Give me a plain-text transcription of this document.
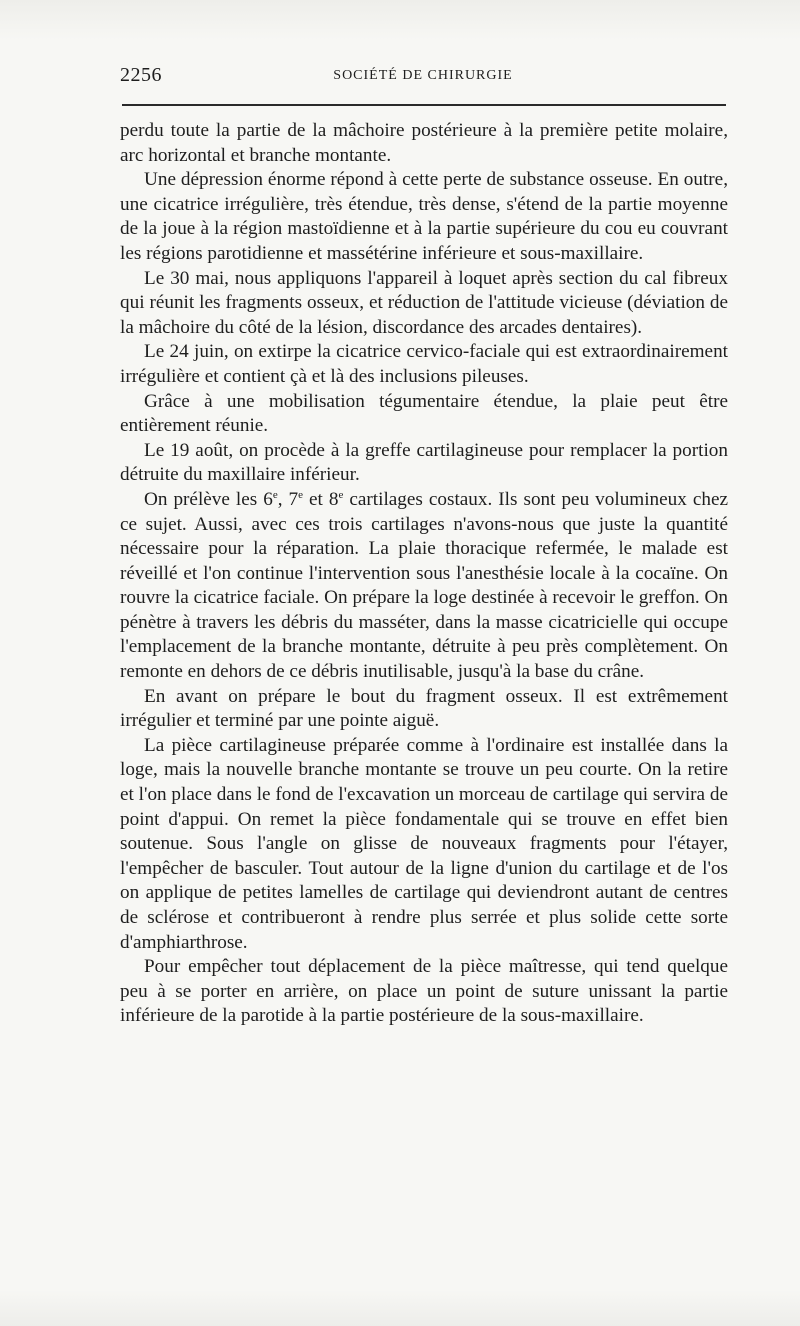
2256	SOCIÉTÉ DE CHIRURGIE

perdu toute la partie de la mâchoire postérieure à la première petite molaire, arc horizontal et branche montante.

Une dépression énorme répond à cette perte de substance osseuse. En outre, une cicatrice irrégulière, très étendue, très dense, s'étend de la partie moyenne de la joue à la région mastoïdienne et à la partie supérieure du cou eu couvrant les régions parotidienne et massétérine inférieure et sous-maxillaire.

Le 30 mai, nous appliquons l'appareil à loquet après section du cal fibreux qui réunit les fragments osseux, et réduction de l'attitude vicieuse (déviation de la mâchoire du côté de la lésion, discordance des arcades dentaires).

Le 24 juin, on extirpe la cicatrice cervico-faciale qui est extraordinairement irrégulière et contient çà et là des inclusions pileuses.

Grâce à une mobilisation tégumentaire étendue, la plaie peut être entièrement réunie.

Le 19 août, on procède à la greffe cartilagineuse pour remplacer la portion détruite du maxillaire inférieur.

On prélève les 6e, 7e et 8e cartilages costaux. Ils sont peu volumineux chez ce sujet. Aussi, avec ces trois cartilages n'avons-nous que juste la quantité nécessaire pour la réparation. La plaie thoracique refermée, le malade est réveillé et l'on continue l'intervention sous l'anesthésie locale à la cocaïne. On rouvre la cicatrice faciale. On prépare la loge destinée à recevoir le greffon. On pénètre à travers les débris du masséter, dans la masse cicatricielle qui occupe l'emplacement de la branche montante, détruite à peu près complètement. On remonte en dehors de ce débris inutilisable, jusqu'à la base du crâne.

En avant on prépare le bout du fragment osseux. Il est extrêmement irrégulier et terminé par une pointe aiguë.

La pièce cartilagineuse préparée comme à l'ordinaire est installée dans la loge, mais la nouvelle branche montante se trouve un peu courte. On la retire et l'on place dans le fond de l'excavation un morceau de cartilage qui servira de point d'appui. On remet la pièce fondamentale qui se trouve en effet bien soutenue. Sous l'angle on glisse de nouveaux fragments pour l'étayer, l'empêcher de basculer. Tout autour de la ligne d'union du cartilage et de l'os on applique de petites lamelles de cartilage qui deviendront autant de centres de sclérose et contribueront à rendre plus serrée et plus solide cette sorte d'amphiarthrose.

Pour empêcher tout déplacement de la pièce maîtresse, qui tend quelque peu à se porter en arrière, on place un point de suture unissant la partie inférieure de la parotide à la partie postérieure de la sous-maxillaire.
